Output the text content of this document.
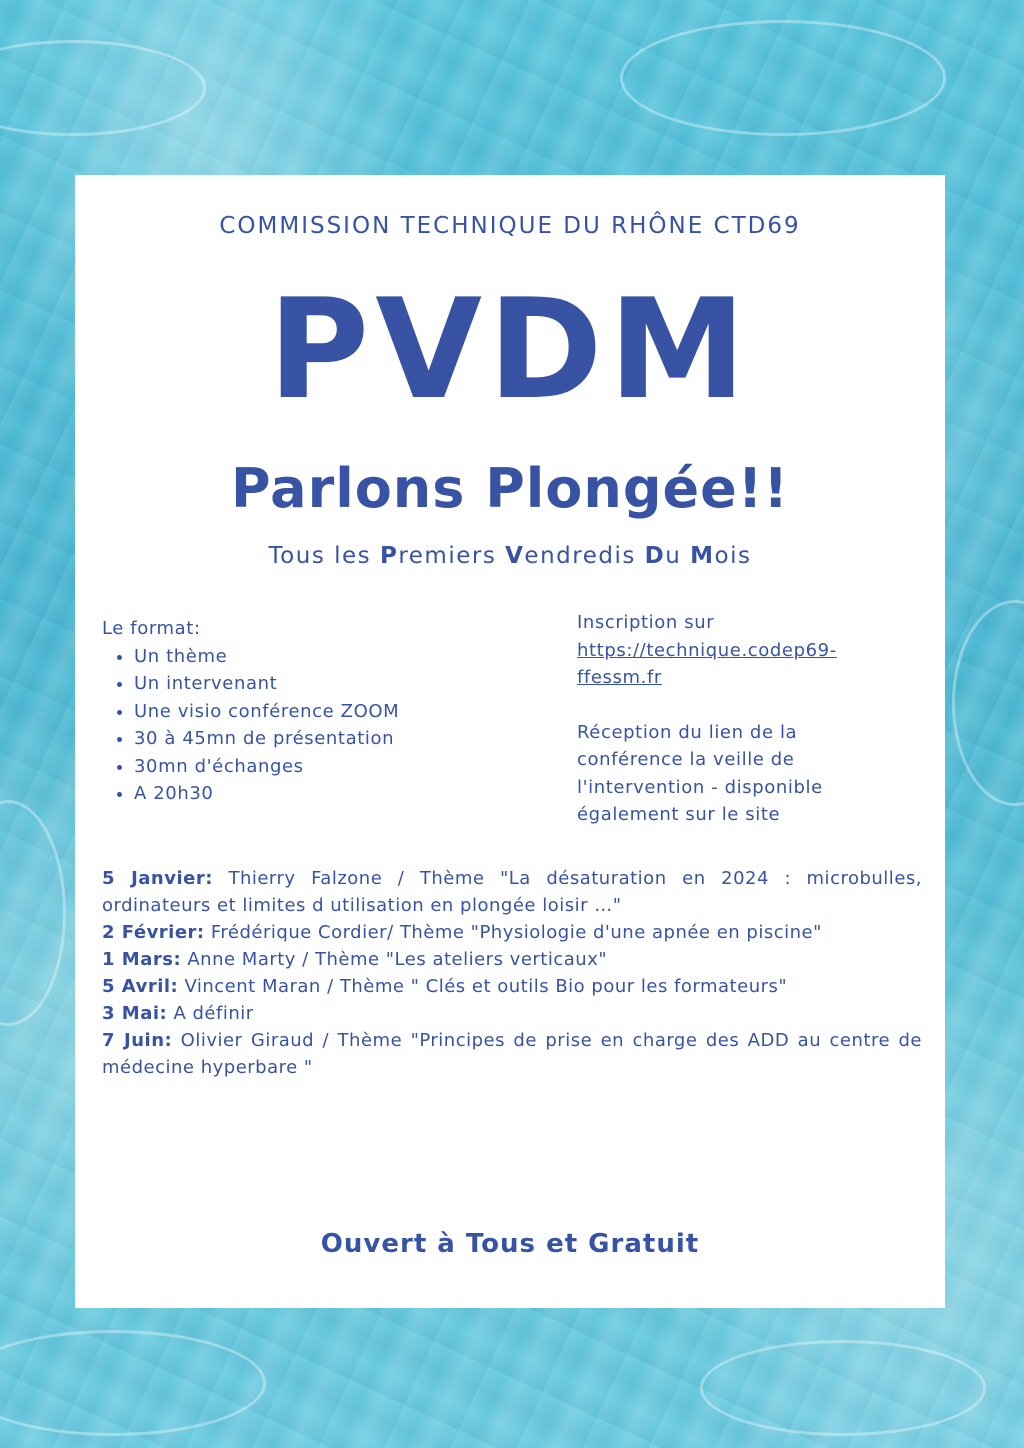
COMMISSION TECHNIQUE DU RHÔNE CTD69
PVDM
Parlons Plongée!!
Tous les Premiers Vendredis Du Mois
Le format:
• Un thème
• Un intervenant
• Une visio conférence ZOOM
• 30 à 45mn de présentation
• 30mn d'échanges
• A 20h30
Inscription sur
https://technique.codep69-
ffessm.fr
Réception du lien de la conférence la veille de l'intervention - disponible également sur le site
5 Janvier: Thierry Falzone / Thème "La désaturation en 2024 : microbulles, ordinateurs et limites d utilisation en plongée loisir …"
2 Février: Frédérique Cordier/ Thème "Physiologie d'une apnée en piscine"
1 Mars: Anne Marty / Thème "Les ateliers verticaux"
5 Avril: Vincent Maran / Thème " Clés et outils Bio pour les formateurs"
3 Mai: A définir
7 Juin: Olivier Giraud / Thème "Principes de prise en charge des ADD au centre de médecine hyperbare "
Ouvert à Tous et Gratuit
